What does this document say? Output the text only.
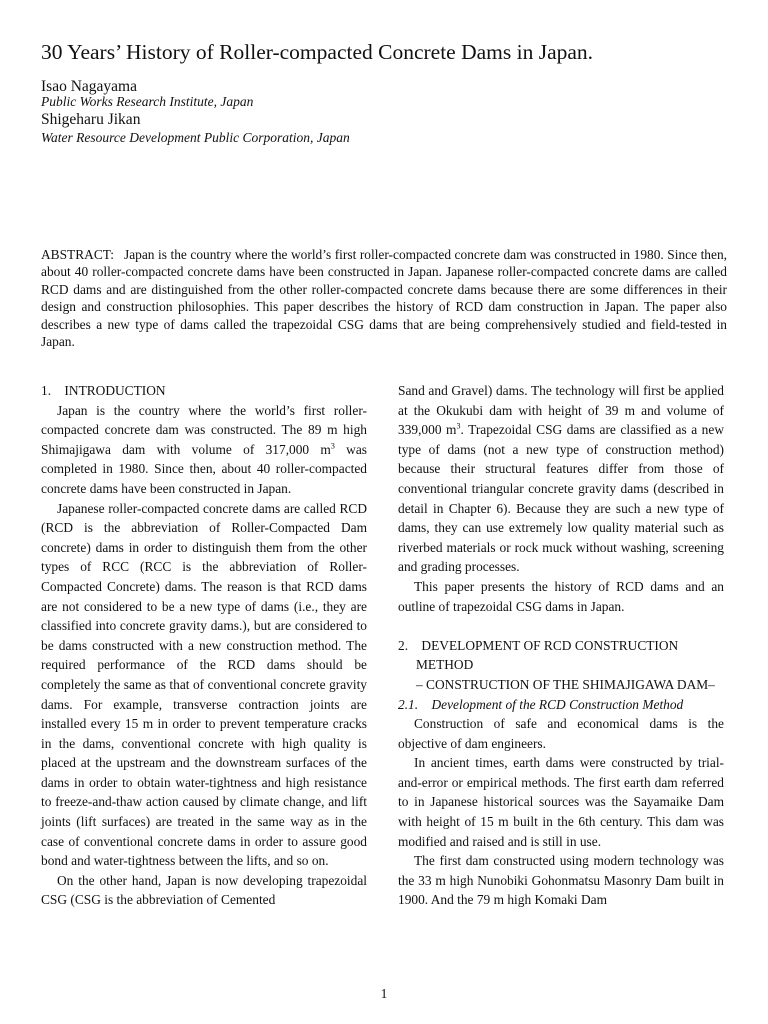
30 Years’ History of Roller-compacted Concrete Dams in Japan.
Isao Nagayama
Public Works Research Institute, Japan
Shigeharu Jikan
Water Resource Development Public Corporation, Japan

ABSTRACT: Japan is the country where the world’s first roller-compacted concrete dam was constructed in 1980. Since then, about 40 roller-compacted concrete dams have been constructed in Japan. Japanese roller-compacted concrete dams are called RCD dams and are distinguished from the other roller-compacted concrete dams because there are some differences in their design and construction philosophies. This paper describes the history of RCD dam construction in Japan. The paper also describes a new type of dams called the trapezoidal CSG dams that are being comprehensively studied and field-tested in Japan.

1.    INTRODUCTION

Japan is the country where the world’s first roller-compacted concrete dam was constructed. The 89 m high Shimajigawa dam with volume of 317,000 $m^3$ was completed in 1980. Since then, about 40 roller-compacted concrete dams have been constructed in Japan.

Japanese roller-compacted concrete dams are called RCD (RCD is the abbreviation of Roller-Compacted Dam concrete) dams in order to distinguish them from the other types of RCC (RCC is the abbreviation of Roller-Compacted Concrete) dams. The reason is that RCD dams are not considered to be a new type of dams (i.e., they are classified into concrete gravity dams.), but are considered to be dams constructed with a new construction method. The required performance of the RCD dams should be completely the same as that of conventional concrete gravity dams. For example, transverse contraction joints are installed every 15 m in order to prevent temperature cracks in the dams, conventional concrete with high quality is placed at the upstream and the downstream surfaces of the dams in order to obtain water-tightness and high resistance to freeze-and-thaw action caused by climate change, and lift joints (lift surfaces) are treated in the same way as in the case of conventional concrete dams in order to assure good bond and water-tightness between the lifts, and so on.

On the other hand, Japan is now developing trapezoidal CSG (CSG is the abbreviation of Cemented

Sand and Gravel) dams. The technology will first be applied at the Okukubi dam with height of 39 m and volume of 339,000 $m^3$. Trapezoidal CSG dams are classified as a new type of dams (not a new type of construction method) because their structural features differ from those of conventional triangular concrete gravity dams (described in detail in Chapter 6). Because they are such a new type of dams, they can use extremely low quality material such as riverbed materials or rock muck without washing, screening and grading processes.

This paper presents the history of RCD dams and an outline of trapezoidal CSG dams in Japan.

2.    DEVELOPMENT OF RCD CONSTRUCTION
METHOD
– CONSTRUCTION OF THE SHIMAJIGAWA DAM–
2.1.    Development of the RCD Construction Method

Construction of safe and economical dams is the objective of dam engineers.

In ancient times, earth dams were constructed by trial-and-error or empirical methods. The first earth dam referred to in Japanese historical sources was the Sayamaike Dam with height of 15 m built in the 6th century. This dam was modified and raised and is still in use.

The first dam constructed using modern technology was the 33 m high Nunobiki Gohonmatsu Masonry Dam built in 1900. And the 79 m high Komaki Dam

1
